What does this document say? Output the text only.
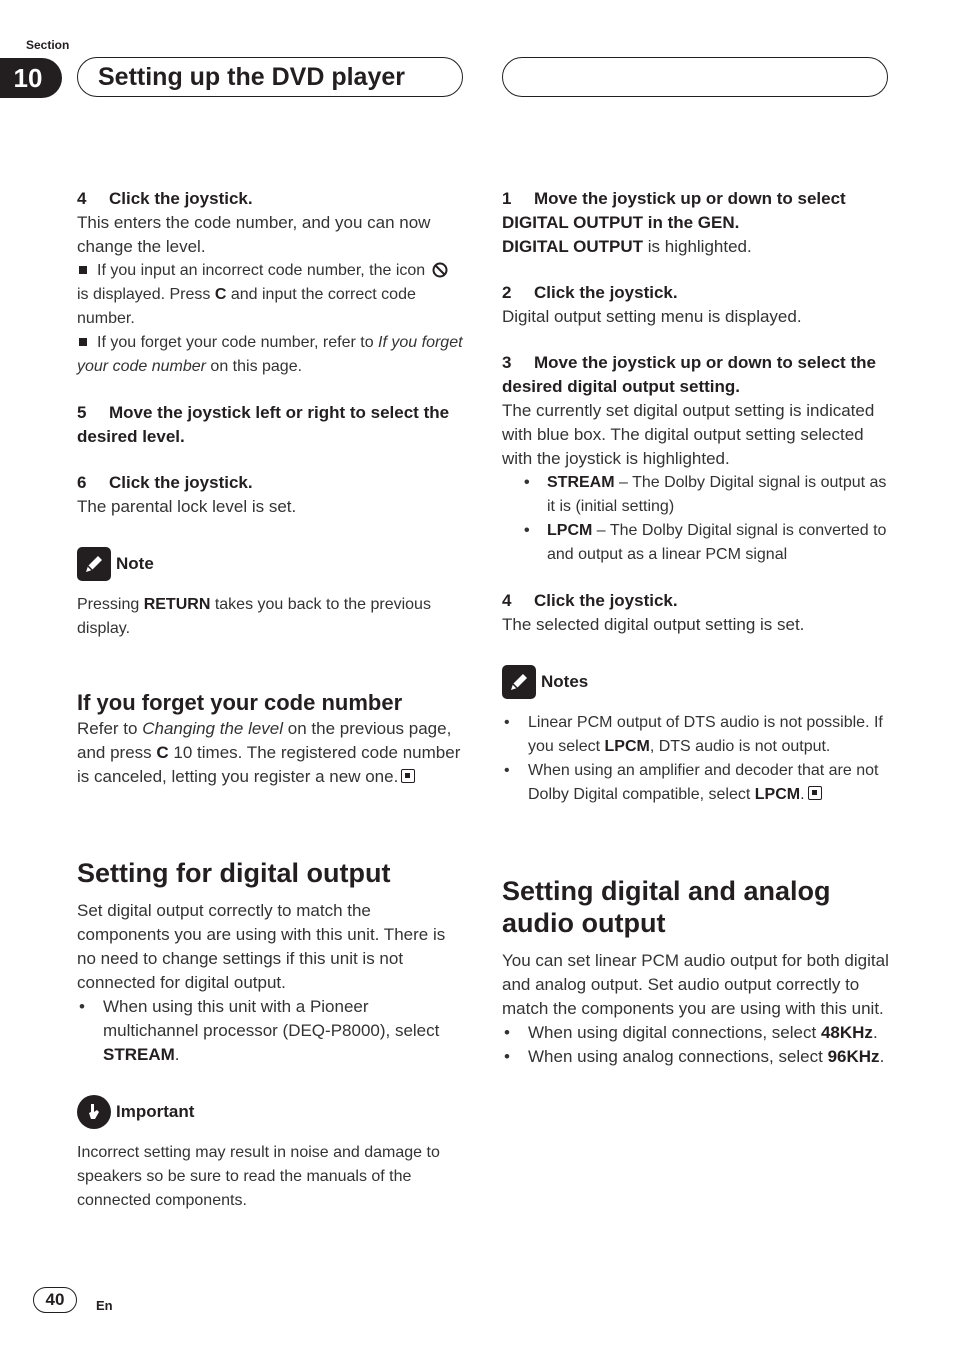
Section
10	Setting up the DVD player
4 Click the joystick.

This enters the code number, and you can now change the level.

If you input an incorrect code number, the icon  is displayed. Press C and input the correct code number.

If you forget your code number, refer to If you forget your code number on this page.

5 Move the joystick left or right to select the desired level.
6 Click the joystick.

The parental lock level is set.

Note

Pressing RETURN takes you back to the previous display.

If you forget your code number

Refer to Changing the level on the previous page, and press C 10 times. The registered code number is canceled, letting you register a new one.

Setting for digital output

Set digital output correctly to match the components you are using with this unit. There is no need to change settings if this unit is not connected for digital output.

• When using this unit with a Pioneer multichannel processor (DEQ-P8000), select STREAM.

Important

Incorrect setting may result in noise and damage to speakers so be sure to read the manuals of the connected components.

1 Move the joystick up or down to select DIGITAL OUTPUT in the GEN.

DIGITAL OUTPUT is highlighted.

2 Click the joystick.

Digital output setting menu is displayed.

3 Move the joystick up or down to select the desired digital output setting.

The currently set digital output setting is indicated with blue box. The digital output setting selected with the joystick is highlighted.

• STREAM – The Dolby Digital signal is output as it is (initial setting)

• LPCM – The Dolby Digital signal is converted to and output as a linear PCM signal

4 Click the joystick.

The selected digital output setting is set.

Notes

• Linear PCM output of DTS audio is not possible. If you select LPCM, DTS audio is not output.

• When using an amplifier and decoder that are not Dolby Digital compatible, select LPCM.

Setting digital and analog audio output

You can set linear PCM audio output for both digital and analog output. Set audio output correctly to match the components you are using with this unit.

• When using digital connections, select 48KHz.

• When using analog connections, select 96KHz.

40	En
